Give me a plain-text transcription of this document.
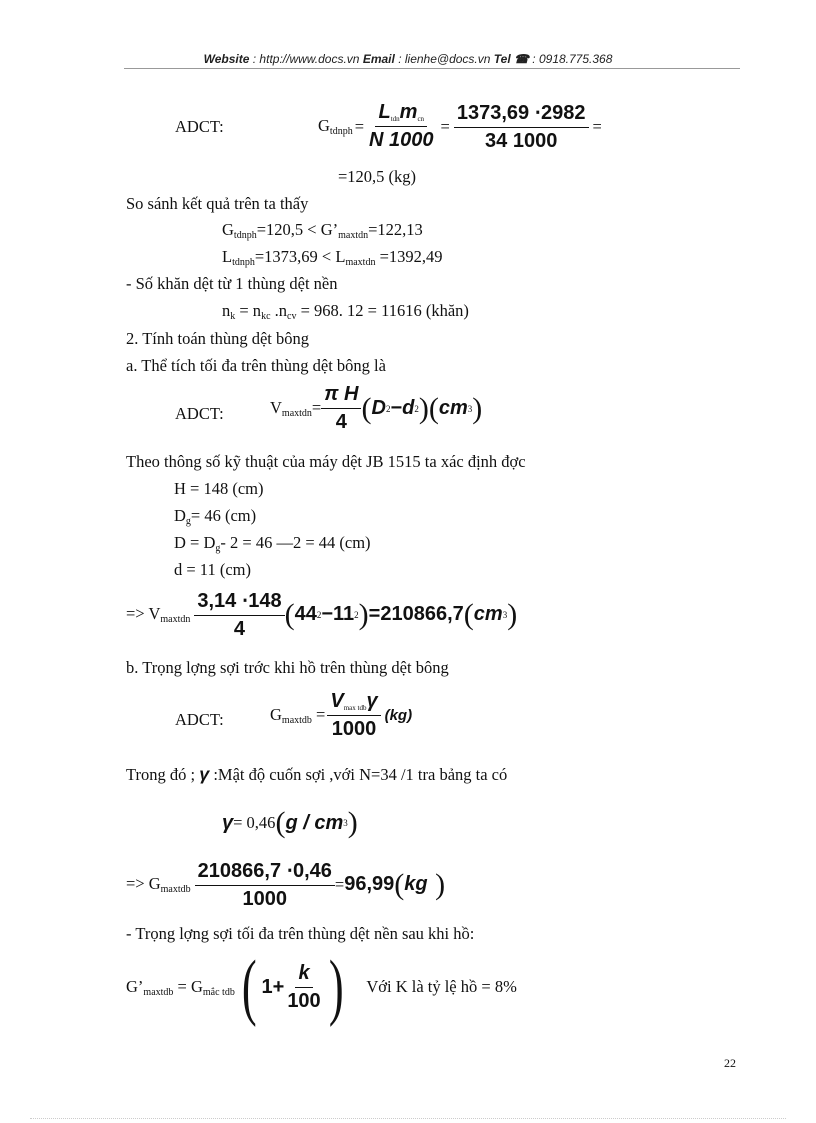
Website : http://www.docs.vn Email : lienhe@docs.vn Tel ☎ : 0918.775.368
ADCT:	$G_{tdnph} = \frac{L_{tdn}m_{cn}}{N 1000} = \frac{1373,69 \cdot 2982}{34 1000}$ =
=120,5 (kg)
So sánh kết quả trên ta thấy
$G_{tdnph}=120,5$ < $G’_{maxtdn}=122,13$
$L_{tdnph}=1373,69 < L_{maxtdn} =1392,49$
- Số khăn dệt từ 1 thùng dệt nền
$n_k = n_{kc}$ $.n_{cv} = 968$. 12 = 11616 (khăn)
2. Tính toán thùng dệt bông
a. Thể tích tối đa trên thùng dệt bông là
ADCT:	$V_{maxtdn}= \frac{\text{π H}}{4}$ ( D 2 − d 2 )( cm 3 )
Theo thông số kỹ thuật của máy dệt JB 1515 ta xác định đợc
H = 148 (cm)
$D_g= 46$ (cm)
$D = D_g-$ 2 = 46 —2 = 44 (cm)
d = 11 (cm)
=> $V_{maxtdn} \frac{3,14 \cdot 148}{4}$ ( 44 2 − 11 2 ) =210866,7 ( cm 3 )
b. Trọng lợng sợi trớc khi hồ trên thùng dệt bông
ADCT:	$G_{maxtdb} = \frac{V_{max tdb}\gamma}{1000} (kg)$
Trong đó ; γ :Mật độ cuốn sợi ,với N=34 /1 tra bảng ta có
γ = 0,46 ( g / cm 3 )
=> $G_{maxtdb} \frac{210866,7 \cdot 0,46}{1000} = 96,99$ ( kg )
- Trọng lợng sợi tối đa trên thùng dệt nền sau khi hồ:
$G’_{maxtdb} = G_{mắc tdb}$ ( $1+ \frac{k}{100}$ ) Với K là tỷ lệ hồ = 8%
22
